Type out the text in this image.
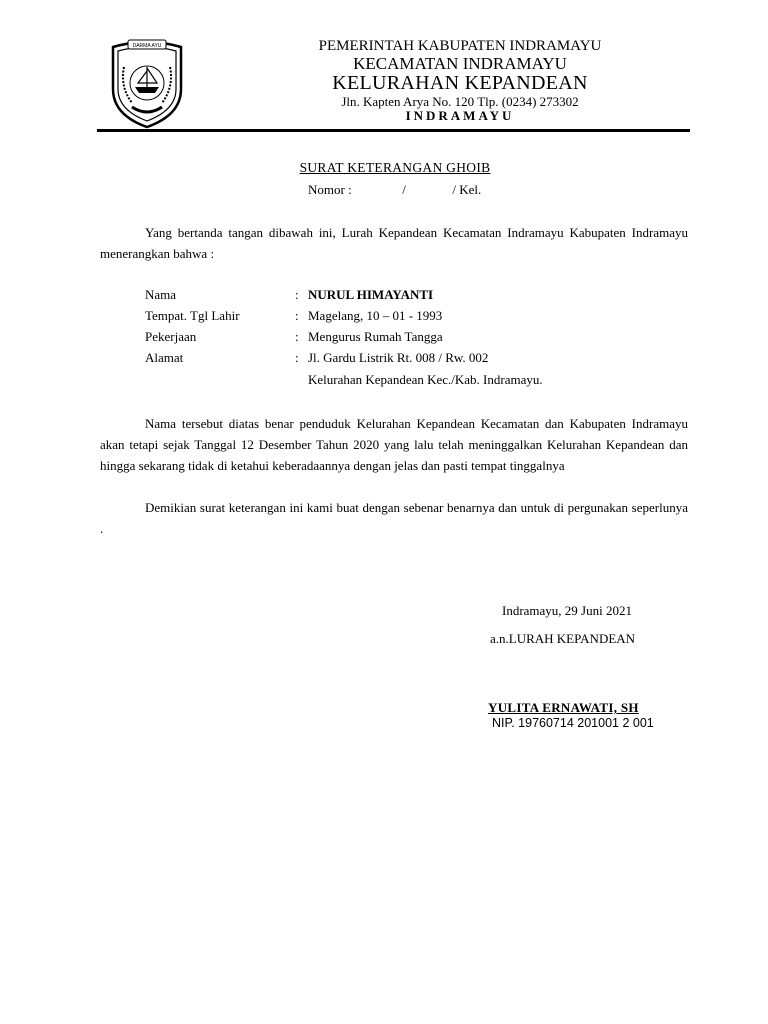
DARMA AYU	PEMERINTAH KABUPATEN INDRAMAYU
KECAMATAN INDRAMAYU
KELURAHAN KEPANDEAN
Jln. Kapten Arya No. 120 Tlp. (0234) 273302
INDRAMAYU
SURAT KETERANGAN GHOIB
Nomor :	/	/ Kel.
Yang bertanda tangan dibawah ini, Lurah Kepandean Kecamatan Indramayu Kabupaten Indramayu menerangkan bahwa :
Nama	: NURUL HIMAYANTI
Tempat. Tgl Lahir	: Magelang, 10 – 01 - 1993
Pekerjaan	: Mengurus Rumah Tangga
Alamat	: Jl. Gardu Listrik Rt. 008 / Rw. 002
Kelurahan Kepandean Kec./Kab. Indramayu.
Nama tersebut diatas benar penduduk Kelurahan Kepandean Kecamatan dan Kabupaten Indramayu akan tetapi sejak Tanggal 12 Desember Tahun 2020 yang lalu telah meninggalkan Kelurahan Kepandean dan hingga sekarang tidak di ketahui keberadaannya dengan jelas dan pasti tempat tinggalnya
Demikian surat keterangan ini kami buat dengan sebenar benarnya dan untuk di pergunakan seperlunya .
Indramayu, 29 Juni 2021
a.n.LURAH KEPANDEAN
YULITA ERNAWATI, SH
NIP. 19760714 201001 2 001
